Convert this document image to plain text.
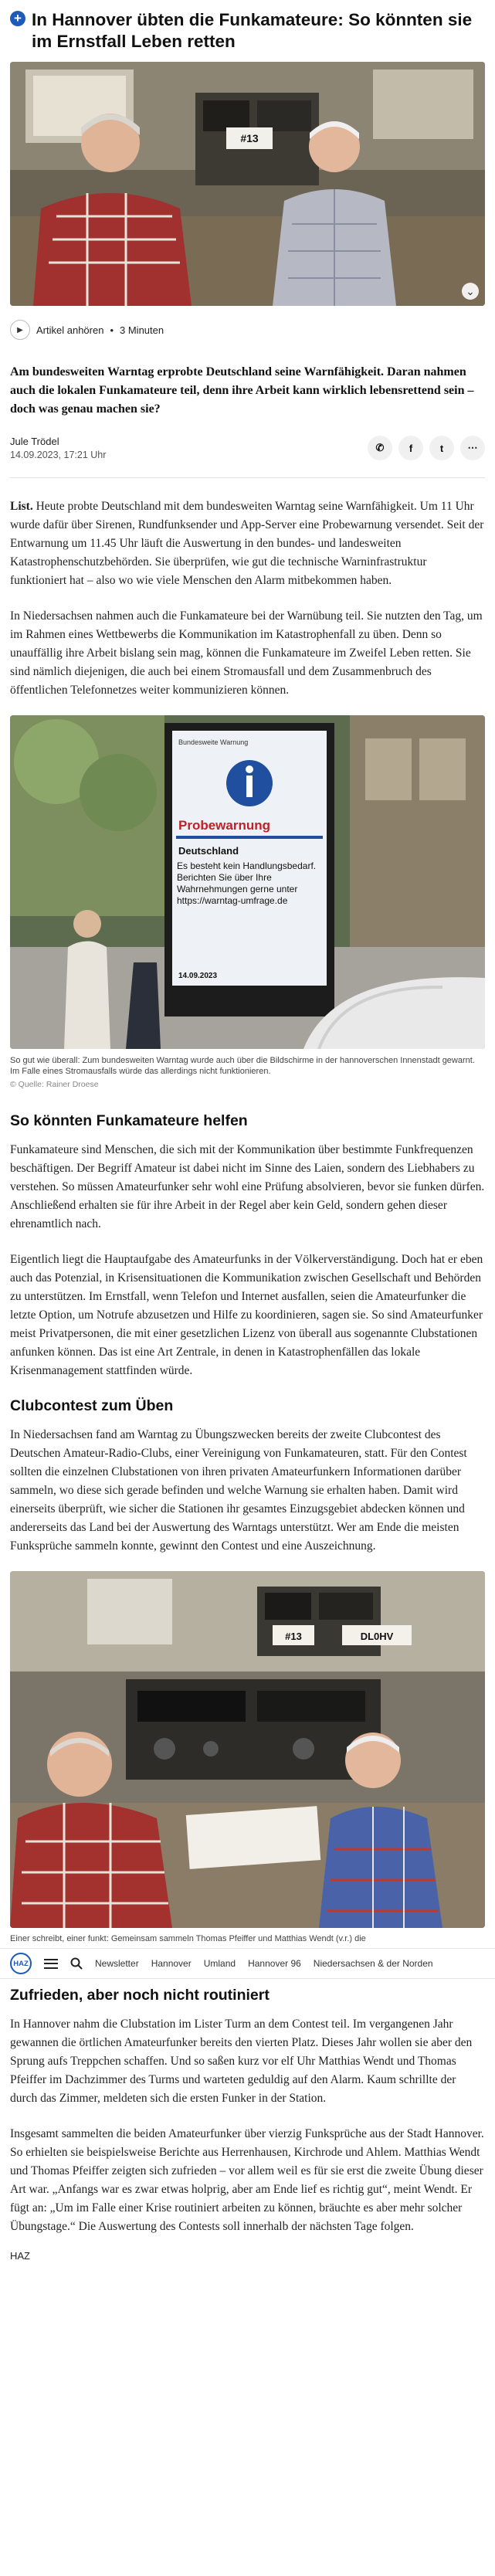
+ In Hannover übten die Funkamateure: So könnten sie im Ernstfall Leben retten
#13
⌄
▶	Artikel anhören • 3 Minuten

Am bundesweiten Warntag erprobte Deutschland seine Warnfähigkeit. Daran nahmen auch die lokalen Funkamateure teil, denn ihre Arbeit kann wirklich lebensrettend sein – doch was genau machen sie?

Jule Trödel
14.09.2023, 17:21 Uhr
✆	f	t	⋯

List. Heute probte Deutschland mit dem bundesweiten Warntag seine Warnfähigkeit. Um 11 Uhr wurde dafür über Sirenen, Rundfunksender und App-Server eine Probewarnung versendet. Seit der Entwarnung um 11.45 Uhr läuft die Auswertung in den bundes- und landesweiten Katastrophenschutzbehörden. Sie überprüfen, wie gut die technische Warninfrastruktur funktioniert hat – also wo wie viele Menschen den Alarm mitbekommen haben.

In Niedersachsen nahmen auch die Funkamateure bei der Warnübung teil. Sie nutzten den Tag, um im Rahmen eines Wettbewerbs die Kommunikation im Katastrophenfall zu üben. Denn so unauffällig ihre Arbeit bislang sein mag, können die Funkamateure im Zweifel Leben retten. Sie sind nämlich diejenigen, die auch bei einem Stromausfall und dem Zusammenbruch des öffentlichen Telefonnetzes weiter kommunizieren können.

Bundesweite Warnung
Probewarnung
Deutschland
Es besteht kein Handlungsbedarf. Berichten Sie über Ihre Wahrnehmungen gerne unter https://warntag-umfrage.de
14.09.2023

So gut wie überall: Zum bundesweiten Warntag wurde auch über die Bildschirme in der hannoverschen Innenstadt gewarnt. Im Falle eines Stromausfalls würde das allerdings nicht funktionieren.

© Quelle: Rainer Droese

So könnten Funkamateure helfen

Funkamateure sind Menschen, die sich mit der Kommunikation über bestimmte Funkfrequenzen beschäftigen. Der Begriff Amateur ist dabei nicht im Sinne des Laien, sondern des Liebhabers zu verstehen. So müssen Amateurfunker sehr wohl eine Prüfung absolvieren, bevor sie funken dürfen. Anschließend erhalten sie für ihre Arbeit in der Regel aber kein Geld, sondern gehen dieser ehrenamtlich nach.

Eigentlich liegt die Hauptaufgabe des Amateurfunks in der Völkerverständigung. Doch hat er eben auch das Potenzial, in Krisensituationen die Kommunikation zwischen Gesellschaft und Behörden zu unterstützen. Im Ernstfall, wenn Telefon und Internet ausfallen, seien die Amateurfunker die letzte Option, um Notrufe abzusetzen und Hilfe zu koordinieren, sagen sie. So sind Amateurfunker meist Privatpersonen, die mit einer gesetzlichen Lizenz von überall aus sogenannte Clubstationen anfunken können. Das ist eine Art Zentrale, in denen in Katastrophenfällen das lokale Krisenmanagement stattfinden würde.

Clubcontest zum Üben

In Niedersachsen fand am Warntag zu Übungszwecken bereits der zweite Clubcontest des Deutschen Amateur-Radio-Clubs, einer Vereinigung von Funkamateuren, statt. Für den Contest sollten die einzelnen Clubstationen von ihren privaten Amateurfunkern Informationen darüber sammeln, wo diese sich gerade befinden und welche Warnung sie erhalten haben. Damit wird einerseits überprüft, wie sicher die Stationen ihr gesamtes Einzugsgebiet abdecken können und andererseits das Land bei der Auswertung des Warntags unterstützt. Wer am Ende die meisten Funksprüche sammeln konnte, gewinnt den Contest und eine Auszeichnung.

#13	DL0HV

Einer schreibt, einer funkt: Gemeinsam sammeln Thomas Pfeiffer und Matthias Wendt (v.r.) die

HAZ	Newsletter Hannover Umland Hannover 96 Niedersachsen & der Norden
Zufrieden, aber noch nicht routiniert

In Hannover nahm die Clubstation im Lister Turm an dem Contest teil. Im vergangenen Jahr gewannen die örtlichen Amateurfunker bereits den vierten Platz. Dieses Jahr wollen sie aber den Sprung aufs Treppchen schaffen. Und so saßen kurz vor elf Uhr Matthias Wendt und Thomas Pfeiffer im Dachzimmer des Turms und warteten geduldig auf den Alarm. Kaum schrillte der durch das Zimmer, meldeten sich die ersten Funker in der Station.

Insgesamt sammelten die beiden Amateurfunker über vierzig Funksprüche aus der Stadt Hannover. So erhielten sie beispielsweise Berichte aus Herrenhausen, Kirchrode und Ahlem. Matthias Wendt und Thomas Pfeiffer zeigten sich zufrieden – vor allem weil es für sie erst die zweite Übung dieser Art war. „Anfangs war es zwar etwas holprig, aber am Ende lief es richtig gut“, meint Wendt. Er fügt an: „Um im Falle einer Krise routiniert arbeiten zu können, bräuchte es aber mehr solcher Übungstage.“ Die Auswertung des Contests soll innerhalb der nächsten Tage folgen.

HAZ
